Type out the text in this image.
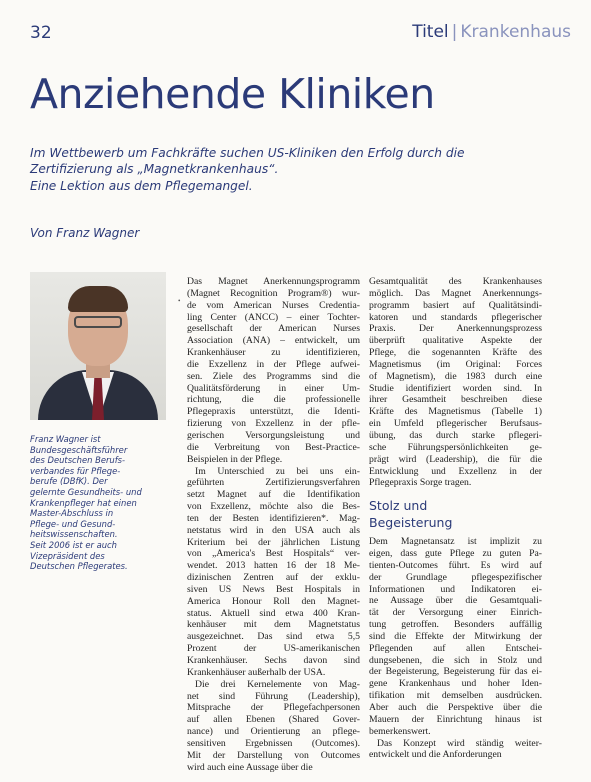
32	Titel | Krankenhaus
Anziehende Kliniken
Im Wettbewerb um Fachkräfte suchen US-Kliniken den Erfolg durch die
Zertifizierung als „Magnetkrankenhaus“.
Eine Lektion aus dem Pflegemangel.
Von Franz Wagner
Franz Wagner ist
Bundesgeschäftsführer
des Deutschen Berufs-
verbandes für Pflege-
berufe (DBfK). Der
gelernte Gesundheits- und
Krankenpfleger hat einen
Master-Abschluss in
Pflege- und Gesund-
heitswissenschaften.
Seit 2006 ist er auch
Vizepräsident des
Deutschen Pflegerates.
•
Das Magnet Anerkennungsprogramm
(Magnet Recognition Program®) wur-
de vom American Nurses Credentia-
ling Center (ANCC) – einer Tochter-
gesellschaft der American Nurses
Association (ANA) – entwickelt, um
Krankenhäuser zu identifizieren,
die Exzellenz in der Pflege aufwei-
sen. Ziele des Programms sind die
Qualitätsförderung in einer Um-
richtung, die die professionelle
Pflegepraxis unterstützt, die Identi-
fizierung von Exzellenz in der pfle-
gerischen Versorgungsleistung und
die Verbreitung von Best-Practice-
Beispielen in der Pflege.
Im Unterschied zu bei uns ein-
geführten Zertifizierungsverfahren
setzt Magnet auf die Identifikation
von Exzellenz, möchte also die Bes-
ten der Besten identifizieren*. Mag-
netstatus wird in den USA auch als
Kriterium bei der jährlichen Listung
von „America's Best Hospitals“ ver-
wendet. 2013 hatten 16 der 18 Me-
dizinischen Zentren auf der exklu-
siven US News Best Hospitals in
America Honour Roll den Magnet-
status. Aktuell sind etwa 400 Kran-
kenhäuser mit dem Magnetstatus
ausgezeichnet. Das sind etwa 5,5
Prozent der US-amerikanischen
Krankenhäuser. Sechs davon sind
Krankenhäuser außerhalb der USA.
Die drei Kernelemente von Mag-
net sind Führung (Leadership),
Mitsprache der Pflegefachpersonen
auf allen Ebenen (Shared Gover-
nance) und Orientierung an pflege-
sensitiven Ergebnissen (Outcomes).
Mit der Darstellung von Outcomes
wird auch eine Aussage über die
Gesamtqualität des Krankenhauses
möglich. Das Magnet Anerkennungs-
programm basiert auf Qualitätsindi-
katoren und standards pflegerischer
Praxis. Der Anerkennungsprozess
überprüft qualitative Aspekte der
Pflege, die sogenannten Kräfte des
Magnetismus (im Original: Forces
of Magnetism), die 1983 durch eine
Studie identifiziert worden sind. In
ihrer Gesamtheit beschreiben diese
Kräfte des Magnetismus (Tabelle 1)
ein Umfeld pflegerischer Berufsaus-
übung, das durch starke pflegeri-
sche Führungspersönlichkeiten ge-
prägt wird (Leadership), die für die
Entwicklung und Exzellenz in der
Pflegepraxis Sorge tragen.
Stolz und
Begeisterung
Dem Magnetansatz ist implizit zu
eigen, dass gute Pflege zu guten Pa-
tienten-Outcomes führt. Es wird auf
der Grundlage pflegespezifischer
Informationen und Indikatoren ei-
ne Aussage über die Gesamtquali-
tät der Versorgung einer Einrich-
tung getroffen. Besonders auffällig
sind die Effekte der Mitwirkung der
Pflegenden auf allen Entschei-
dungsebenen, die sich in Stolz und
der Begeisterung, Begeisterung für das ei-
gene Krankenhaus und hoher Iden-
tifikation mit demselben ausdrücken.
Aber auch die Perspektive über die
Mauern der Einrichtung hinaus ist
bemerkenswert.
Das Konzept wird ständig weiter-
entwickelt und die Anforderungen
